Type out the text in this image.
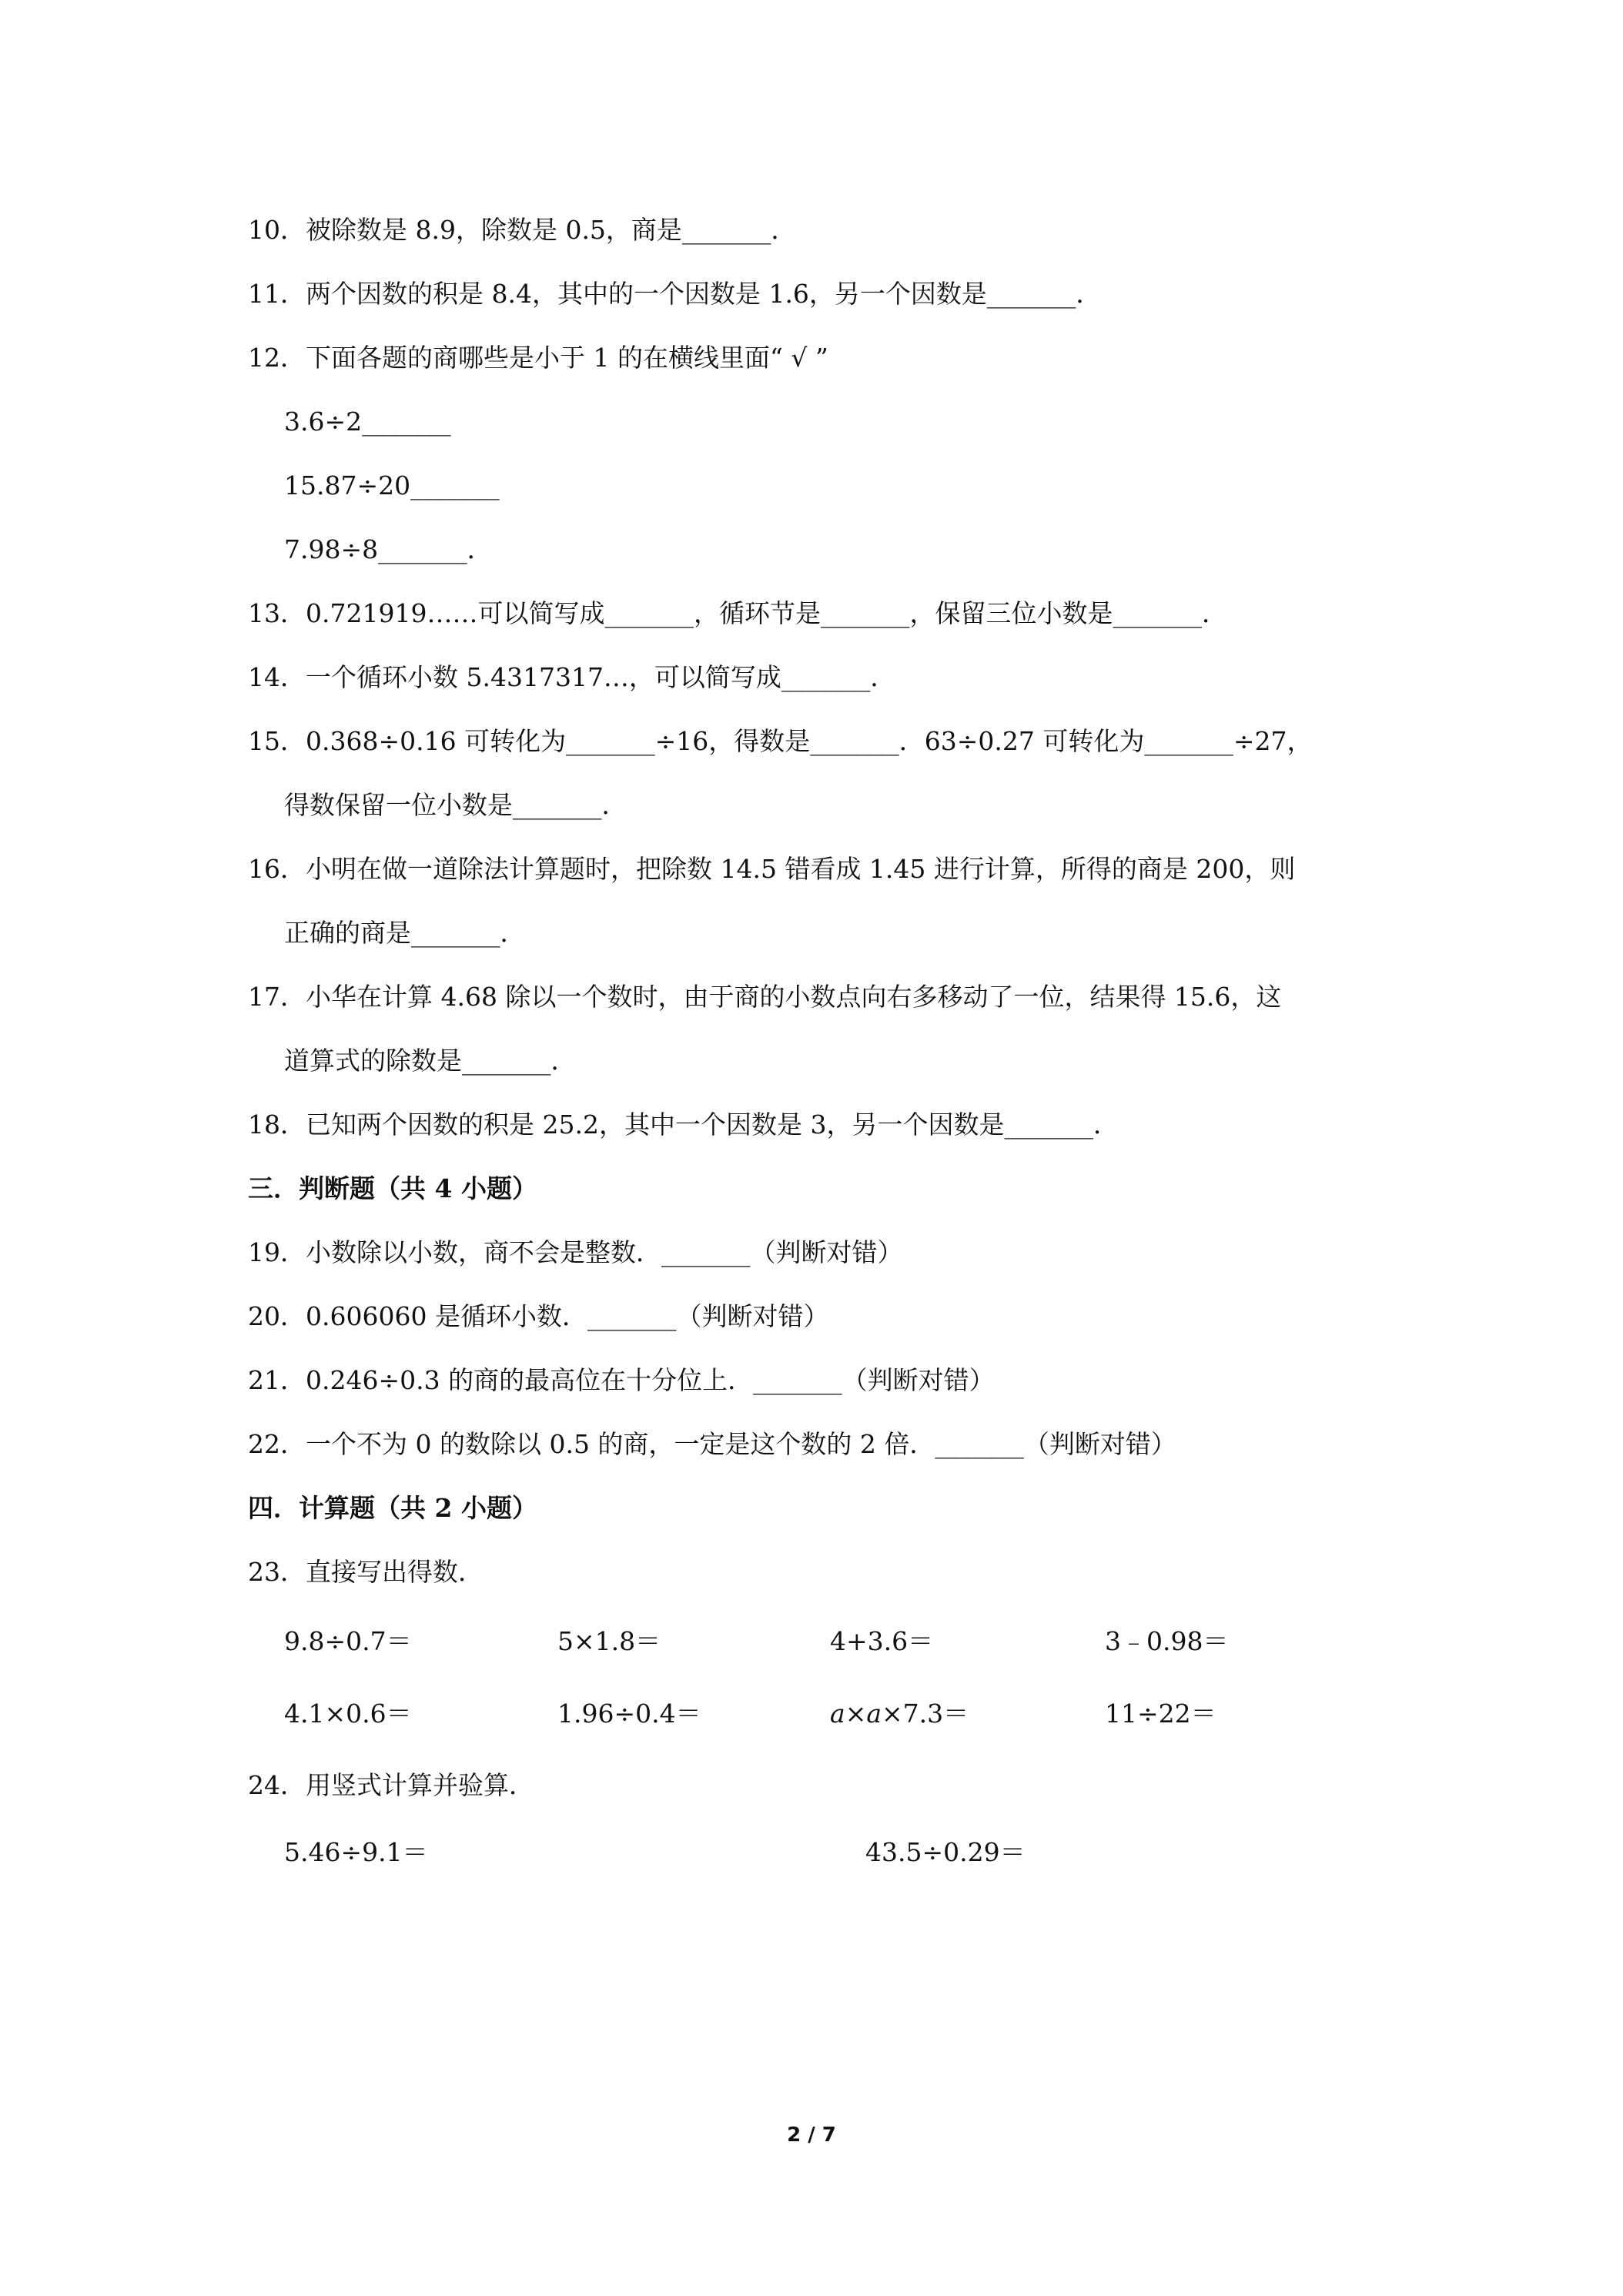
10．被除数是 8.9，除数是 0.5，商是_______．
11．两个因数的积是 8.4，其中的一个因数是 1.6，另一个因数是_______．
12．下面各题的商哪些是小于 1 的在横线里面“ √ ”
3.6÷2_______
15.87÷20_______
7.98÷8_______．
13．0.721919……可以简写成_______，循环节是_______，保留三位小数是_______．
14．一个循环小数 5.4317317…，可以简写成_______．
15．0.368÷0.16 可转化为_______÷16，得数是_______．63÷0.27 可转化为_______÷27，
得数保留一位小数是_______．
16．小明在做一道除法计算题时，把除数 14.5 错看成 1.45 进行计算，所得的商是 200，则
正确的商是_______．
17．小华在计算 4.68 除以一个数时，由于商的小数点向右多移动了一位，结果得 15.6，这
道算式的除数是_______．
18．已知两个因数的积是 25.2，其中一个因数是 3，另一个因数是_______．
三．判断题（共 4 小题）
19．小数除以小数，商不会是整数．_______（判断对错）
20．0.606060 是循环小数．_______（判断对错）
21．0.246÷0.3 的商的最高位在十分位上．_______（判断对错）
22．一个不为 0 的数除以 0.5 的商，一定是这个数的 2 倍．_______（判断对错）
四．计算题（共 2 小题）
23．直接写出得数．
9.8÷0.7＝	5×1.8＝	4+3.6＝	3﹣0.98＝
4.1×0.6＝	1.96÷0.4＝	a×a×7.3＝	11÷22＝
24．用竖式计算并验算．
5.46÷9.1＝	43.5÷0.29＝
2 / 7
